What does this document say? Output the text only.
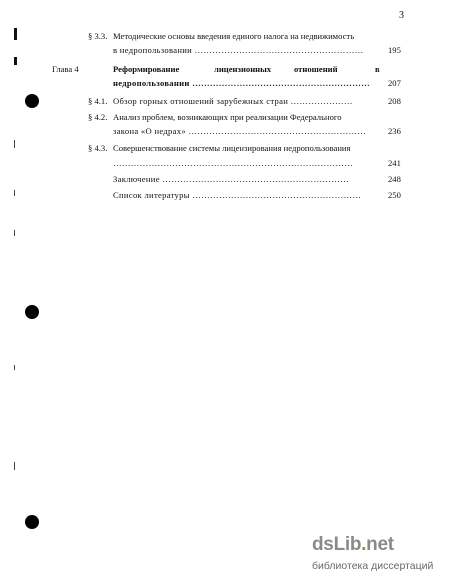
3
§ 3.3. Методические основы введения единого налога на недвижимость
в недропользовании …………………………………………………	195
Глава 4	Реформирование	лицензионных	отношений	в
недропользовании …………………………………………………… 207
§ 4.1. Обзор горных отношений зарубежных стран …………………	208
§ 4.2. Анализ проблем, возникающих при реализации Федерального
закона «О недрах» ……………………………………………………	236
§ 4.3. Совершенствование системы лицензирования недропользования
………………………………………………………………………	241
Заключение ………………………………………………………	248
Список литературы …………………………………………………	250
dsLib.net
библиотека диссертаций
